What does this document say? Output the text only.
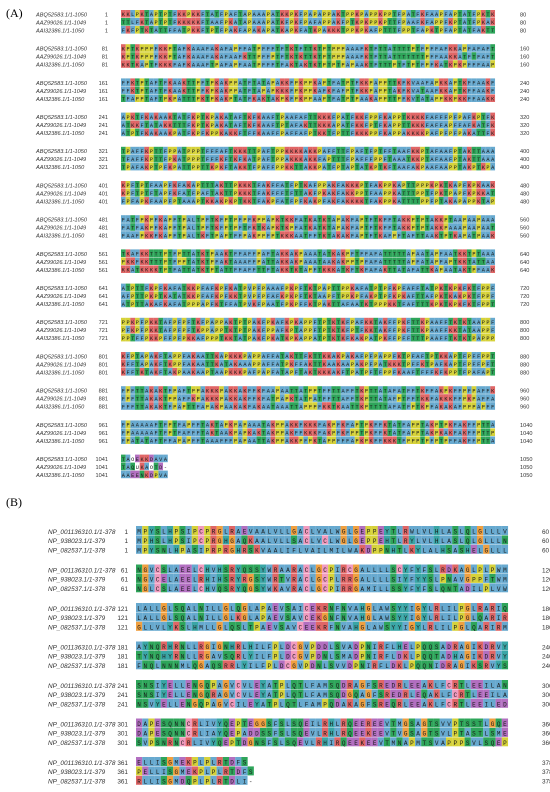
(A)
(B)
ABQ52583.1/1-1050	1	K K L P K T A P T P T F K K P K K F T A T F P A F T A P A A A P A T K K P K F P A P A P P A K T P P K P A P P K P P T F P A T F K F A A P F A P T A T F P K T K	80
AAZ99026.1/1-1049	1	T T L F K T A P T P T F K K K K K F T A A F P K A T A P A A A P A T K F P K F P A F A P P A K F P T K P K P P K P T T F P A A F K F A P P F K P T A T F P K A K	80
AAI32386.1/1-1050	1	F K F P T K T A T T F F A T P K K F T P T F P A K F A P A K A P A T K A P K F A T K P A K K K T P P K P K A F P T T T F P P T F A P K T P F A P T A T F A K T T	80
ABQ52583.1/1-1050	81	K P T K P P P F K K P T A F K A A A F A K A F A P F F A T P F F F T F T K T F T T K T P T P P P A A A F K T F T T A T T T T P T F P F F A F K K A P F A F A F T	160
AAZ99026.1/1-1049	81	K P T K P P P F K K P T A F K A A A F A K A F A A F K T T P F F P T F T K T K T T K T P T P P P A A A F K T F T T A T T T T T T T P F F A A K K A T F T F A F T	160
AAI32386.1/1-1050	81	K K T K A P T F K K K F A F K A A A F T P A F A P F A A T P F F F T F A K T A K T K T P T P T P A P A A K T F T T T P T F T P T F P F K A T K P K P F F F A A P	160
ABQ52583.1/1-1050 161	F F K T P T A F T F K A A K T T P F T P K A K P P A T F T A T A P A K K F P K P P K A P T F A T P T F K K P A P P T T K F K V A A F A P K K A P T K F F A A K F	240
AAZ99026.1/1-1049 161	F F K T P T A F T F K A A K T T P F K P K A K P P A T F T A P A P K K K F P K P P K A F K F A F P T F K K P A P P T A K F K V A T A A F K K A P T K F F A A K F	240
AAI32386.1/1-1050	161	T F A P P T A F T P K P A T T T P K T P K A K P T A T F K A K T A K P K F P K P P A A P T F A T P T P A A K A P P T T P F K V T A T A P P K K P K K F F A A K K	240
ABQ52583.1/1-1050 241	A P K T F K A K A A K T A T F K P T K P A K A T A F T K F K A A F T P A A F A F T T K K K F P A T F K K F P P F K A P P T K K K K F A F F F P F P A F K P T F K	320
AAZ99026.1/1-1049 241	A T K K F T A T A K K T T T F K P T K P A K A T A F T K F K A A F T P T A F A K T T K K K A P A T F K K F P T F K A P P T T K K K F A F F A P F F A F K A T F K	320
AAI32386.1/1-1050	241	A T P T F K A K A A K P A T F K P F K P P K A K K F T F F K A A F F P A F F A F P T K K T F P T T F K K K P P F K A P P A K K K K P A F P F P F P A K A T T F K	320
ABQ52583.1/1-1050 321	T P A F F K P T T F P P A T P P P T F F F A F T K K K T T P A F T P P K K K K A K K P A F F T T F P A F T F P T F F T A A F K K P T A F A A F P T A K T T A A A	400
AAZ99026.1/1-1049 321	T F A F F K P T T F P K A T P P P T F F F K F T K F K A T P A F T P P A K K K A K K F A P T T T F P A F F F P P F T A A A T K K P T A F A A F P T A K T T A A A	400
AAI32386.1/1-1050	321	T P A F A K P T P F K P A T T P P T T K P K F T A K K T F P A F F P P K K T T A K K P A T F P T A P T A T K P T K F T A A F A K P A A F A A P P T A K P T K P A	400
ABQ52583.1/1-1050 401	K P F T P T F A A P F K F A K A P T T T A K T T P K K K T F A K F F A T F P T K A F P P A K F A K K K P T F A K P P K A P T T P P P K P K T K A P F K P K A A K	480
AAZ99026.1/1-1049 401	K P F T P T F T A P F K F A T F P A F T A K T T P K K K T F A K F F F T F T T A K F P K A K F A K K P P T F A A P P K A T T T P P T F P K T P A P F K P K K A T	480
AAI32386.1/1-1050	401	F P F A P K F A A P F P T A A A P T K K A K P K P T K K T F A K P F A T F P F K A K P F A K F A K K K K T F A K P P K A T T T T P P F P T A K A P A P P K T A P	480
ABQ52583.1/1-1050 481	F A T F P K P F K A P F T P A L T P F T K F P T P F P F K P P A P K T K K F A T K A T K T A P A K F A P T F T K F F T A K K P T P T A K K P T A A P A A P A A A	560
AAZ99026.1/1-1049 481	F A T F A K P F K A P F T P A L T P F T K F P T P F T F K T K A P K T K P F A T K A T K T A P A K F A P T F T K F F T A K K P T P T A K K P A A A P A A P A A T	560
AAI32386.1/1-1050	481	F A A F P K K F K A P F T P A L T K F T P A P T F F P A K P P F P T K K K A A T F F T K T A K A K F A P T F T K A F P F T A F T T A A K T P T K A P A T P A A K	560
ABQ52583.1/1-1050 561	T K A F K K T T T P T F P T T A T K T P A A K T F F A F F P A F T A K K A K P A A A T A T K A K P F T F F A F A T T T T T A P A A T A P F A A T K K T P T A A A	640
AAZ99026.1/1-1049 561	P K K F K K T T T P T F P P T A T K T P F A K T A A A F F P A T T A K K A K P A A A T A A K A K P P T P F A F A T T T T T A P F A T A P F A P T K K T A T T A A	640
AAI32386.1/1-1050	561	K K A T K K K K T P T F A T T A T K T P T A T T F F A F F T T F T A K K T K T A P F T K K K A T K F T K F A F A K T T A T A F A T T K A P A A T A K T P F A A K	640
ABQ52583.1/1-1050 641	A T P T T F K P F K A F A T K K P F A F K P F K A T P V P F P A A A F P K P F T K T P A P T T P P K A F A T P T P F K P F A F F T A T P K T K P K F K T F P P F	720
AAZ99026.1/1-1049 641	A F P T T P K P T K A T A T K K P F A F K P F K K T P V P F P F A F K P K P F T K T A A P F T P P K P F A K P T P F K P K A F T T A F P K T K A K P K T F P P F	720
AAI32386.1/1-1050	641	A T P T T A K A F K A F A T P P P A P F K T F F A T P V K F P A A T F P K P F F K T P A K T T A F A A T K T P P P K K T F A F T T T K P K T K P K F K T F P P T	720
ABQ52583.1/1-1050 721	P P K P F P K K T A F P F P F T K F P A P P A K T P T P A K F P K A F K P K A P P F T P T K T K F P A F K K T A K F F P K F T T K P A A F F T K T K T A A P P F	800
AAZ99026.1/1-1049 721	P F K P F P K K T A F P F P F T K P P A P P T K T P T P A K F P P A F K P T A P P F T P T K T K F P T F K K T A K F F P K F T T K P A A F F K K T A T A A P P F	800
AAI32386.1/1-1050	721	P P T F F P K K P F F P F P K K A F P P P T K K T A T P A K F P K A T K P K A P P A T P T K T K F K A K P A T P K F F P F F T T T P A A F F T K T K T P A P P P	800
ABQ52583.1/1-1050 801	K F P T A P A K F T A P P F A K A A T T K A P K K K P A P P A F F A T A K T T F K T T K K A K P A K A F P F P A P P F K T P F A F T P T K K A P T F P F F P P T	880
AAZ99026.1/1-1049 801	K F F T A P A K F T K P P F A K A A T T K A T A K A A A P P A F F A T P K F F A K T T K A A K A A P A K P F P A T K K K T P F F K T P A F K A P T F P F F P F T	880
AAI32386.1/1-1050	801	K F F T K T A K F T A K P A A K A A P T A A P K K K P A F P A P F A T A P F T A K T K K K A K F T P A T P F T F P P F K A A F T F F F K F K P P T F P A F A P T	880
ABQ52583.1/1-1050 881	F P F T T A K A K T F P A F T P P A K K K P A K K A K F F K F A A P A A T T A T P P T F F T T A F F T K P T T A T A F A T F F T K F F A K P K F F P F P A F F K	960
AAZ99026.1/1-1049 881	F P F T T A K A K T P P A F F K P A K K K P A K K A K F F K F A T P A P K T A T P A T F F T T A F F T K P T T A T A F P T F F T K K F A K K K F F P K P A F F A	960
AAI32386.1/1-1050	881	F F F T T A K A K T F P A P T T F A P A K P A A K A K F A K A A T A A A T T A P P P F K K T K A A T T K P T T T T A F A T F P T K P F A K A K A F P P P A P F F	960
ABQ52583.1/1-1050 961	F P A A A A A F T F P T F A P F F T A K T A P K P A P A A A T A K P P A K K F K K K F A K P F K F A P T P K F F K T A T F A P P T A K P T P K F A K F F P T T A	1040
AAZ99026.1/1-1049 961	F P A A A A A F T F P T F A F F F T A K T A A K P A P K A K T A K P P A K F F K K K F A K P F K F P P T P K F F K T A T F A P P T A K P K A K F A K F F P T T P	1040
AAI32386.1/1-1050	961	F P A T A T A F T F F A P A P F F T A A A F F F P A P A A T T A K P P A K K P F P K T A P P F F F A P K P K F F K K K T F P P P T P F P T P F F A K F F P T T A	1040
ABQ52583.1/1-1050 1041	T A O E K K D A V A	1050
AAZ99026.1/1-1049 1041	T A Q U K A O T D -	1050
AAI32386.1/1-1050 1041	A A E E N K D P V A	1050
NP_001136310.1/1-378 1 M P Y S L H P S I P C P R G L R A E V A A L V L L G A C L V A L W G L G E P P E Y T L R W L V L H L A S L Q L G L L L V	60
NP_938023.1/1-379	1 M P H S L H P S I P C P R G H G A Q K A A L V L L S A C L V C L W G L G E P P E H T L R Y L V L H L A S L Q L G L L L N	60
NP_082537.1/1-378	1 M P Y S N L H P A S I P R P R G H R S K V A A L I F L V A I L M I L W A K D P P N H T L K Y L A L H S A S H E L G L L L	60
NP_001136310.1/1-378 61 N G V C S L A E E L C H V H S R Y Q S S Y W R A A R A C L G C P I R C G A L L L L S C Y F Y F S L R D K A G L P L P W M	12
NP_938023.1/1-379 61 N G V C E L A E E L R H I H S R Y R G S Y W R T V R A C L G C P L R R G A L L L L S I Y F Y Y S L P N A V G P P F T W M	12
NP_082537.1/1-378 61 N G L C S L A E E L C H V Q S R Y Q G S Y W K A V R A C L G C P I R R G A M I L L S S Y F Y F S L Q N T A D I L P L V W	12
NP_001136310.1/1-378 121 L A L L G L S Q A L N I L L G L Q G L A P A E V S A I C E K R N F N V A H G L A W S Y Y I G Y L R L I L P G L R A R I Q	18
NP_938023.1/1-379 121 L A L L G L S Q A L N I L L G L K G L A P A E V S A V C E K G N F N V A H G L A W S Y Y I G Y L R L I L P G L Q A R I R	18
NP_082537.1/1-378 121 G L L V L Y K S L H M L L G L Q S L T P A E V S A V C E E K R F N V A H G L A W S Y Y I G Y L R L I L P G L Q A R I R M	18
NP_001136310.1/1-378 181 A Y N Q R H R N L L R G I G N H R L H I L F P L D C G V P D D L S V A D P N I R F L H E L P Q Q S A D R A G I K D R V Y	24
NP_938023.1/1-379 181 T Y N Q H Y R N L L R G A V S Q R L Y I L F P L D C G V P D N L S M A D P N I R F L D K L P Q Q T A D H A G I K D R V Y	24
NP_082537.1/1-378 181 F N Q L N N N M L Q G A Q S R R L Y I L F P L D C G V P D N L S V V D P N I R F L D K L P Q Q N I D R A G I K S R V Y S	24
NP_001136310.1/1-378 241 S N S I Y E L L E N G Q P A G V C V L E Y A T P L Q T L F A M S Q D R A G F S R E D R L E E A K L F C R T L E E I L A N	30
NP_938023.1/1-379 241 S N S I Y E L L E N G Q R A G V C V L E Y A T P L Q T L F A M S Q D G Q A G F S R E D R L E Q A K L F C R T L E E I L A	30
NP_082537.1/1-378 241 N S V Y E L L E N G Q P A G V C I L E Y A T P L Q T L F A M P Q D A K A G F S R E Q R L E E A K L F C R T L E E I L E D	30
NP_001136310.1/1-378 301 D A P E S Q N N C R L I V Y Q E P T E G G S F S L S Q E I L R H L R Q E E R E E V T M G S A G T S V V P T S S T L G Q E	36
NP_938023.1/1-379 301 D A P E S Q N N C R L I A Y Q E P A D D S S F S L S Q E V L R H L R Q E E K E E V T V G S A G T S V L P T A S T L S M E	36
NP_082537.1/1-378 301 S V P S N R N C R L I V Y Q E P T D G N S F S L S Q E V L R H I R Q E E K E E V T M N A P M T S V A P P P S V L S Q E P	36
NP_001136310.1/1-378 361 E L L I S G M E K P L P L R T D F S	37
NP_938023.1/1-379 361 P E L L I S G M E K P L P L R T D F S	37
NP_082537.1/1-378 361 R L L I S G M D Q P L P L R T D L I -	37
